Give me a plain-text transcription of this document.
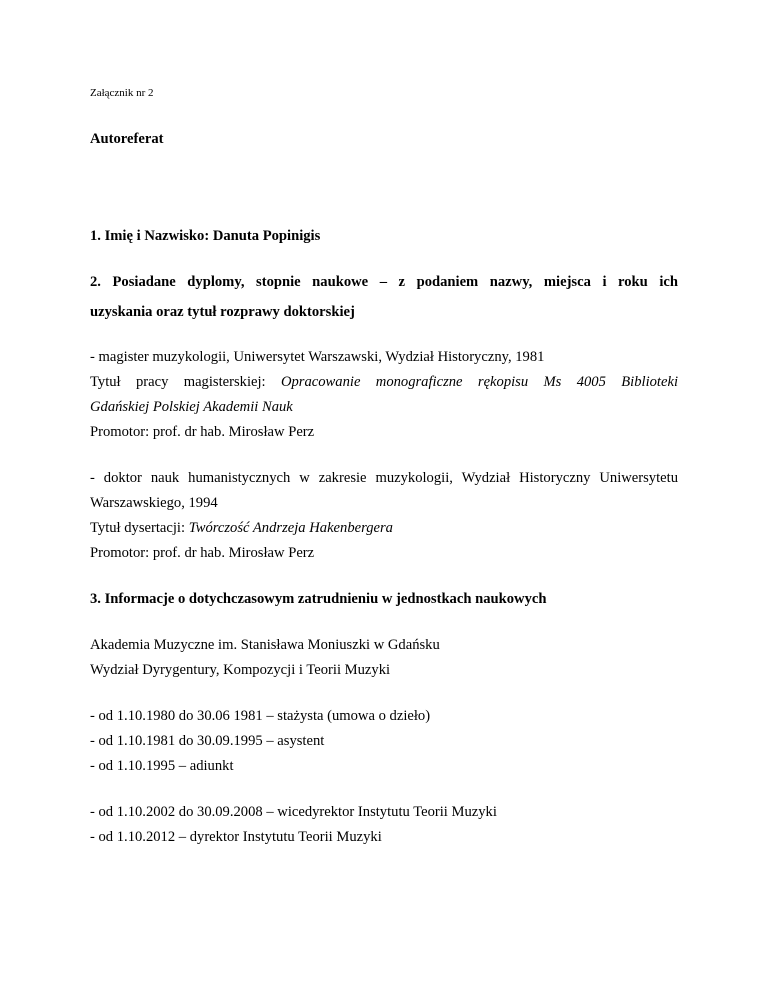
Załącznik nr 2

Autoreferat

1. Imię i Nazwisko: Danuta Popinigis

2. Posiadane dyplomy, stopnie naukowe – z podaniem nazwy, miejsca i roku ich

uzyskania oraz tytuł rozprawy doktorskiej

- magister muzykologii, Uniwersytet Warszawski, Wydział Historyczny, 1981

Tytuł pracy magisterskiej: Opracowanie monograficzne rękopisu Ms 4005 Biblioteki

Gdańskiej Polskiej Akademii Nauk

Promotor: prof. dr hab. Mirosław Perz

- doktor nauk humanistycznych w zakresie muzykologii, Wydział Historyczny Uniwersytetu

Warszawskiego, 1994

Tytuł dysertacji: Twórczość Andrzeja Hakenbergera

Promotor: prof. dr hab. Mirosław Perz

3. Informacje o dotychczasowym zatrudnieniu w jednostkach naukowych

Akademia Muzyczne im. Stanisława Moniuszki w Gdańsku

Wydział Dyrygentury, Kompozycji i Teorii Muzyki

- od 1.10.1980 do 30.06 1981 – stażysta (umowa o dzieło)

- od 1.10.1981 do 30.09.1995 – asystent

- od 1.10.1995 – adiunkt

- od 1.10.2002 do 30.09.2008 – wicedyrektor Instytutu Teorii Muzyki

- od 1.10.2012 – dyrektor Instytutu Teorii Muzyki
